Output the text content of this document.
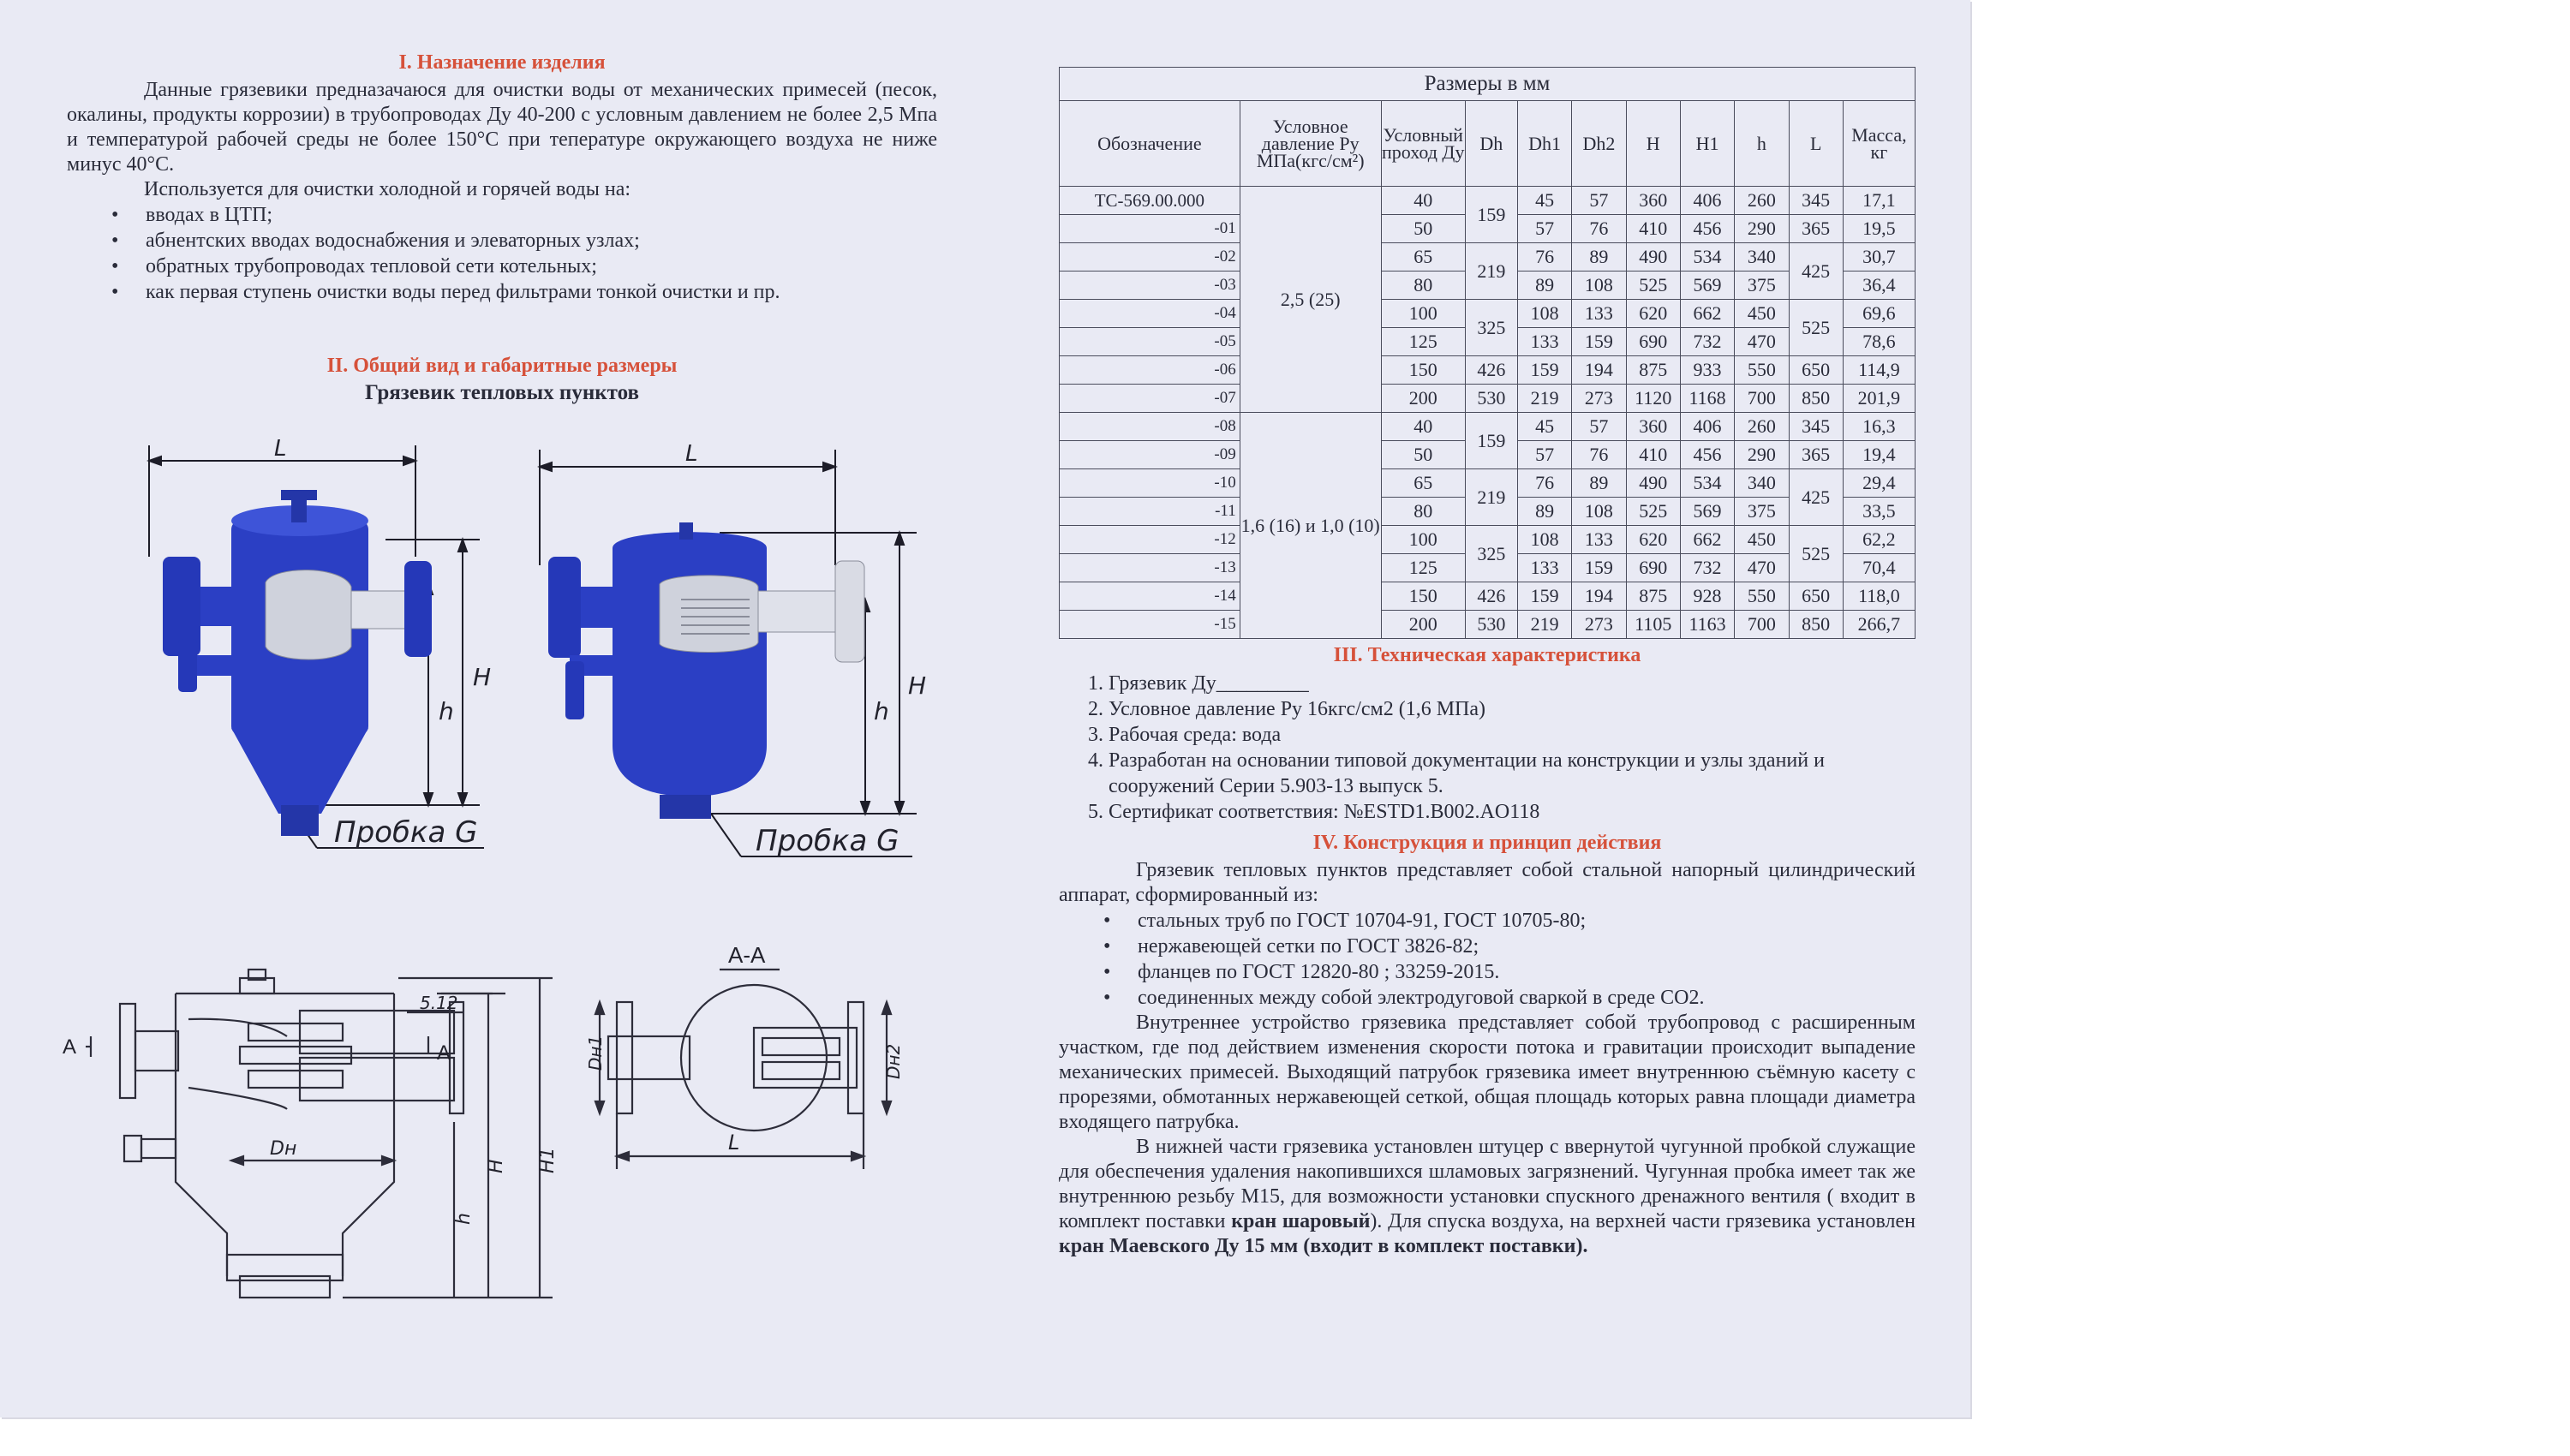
I. Назначение изделия

Данные грязевики предназачаюся для очистки воды от механических примесей (песок, окалины, продукты коррозии) в трубопроводах Ду 40-200 с условным давлением не более 2,5 Мпа и температурой рабочей среды не более 150°С при тепературе окружающего воздуха не ниже минус 40°С.

Используется для очистки холодной и горячей воды на:

• вводах в ЦТП;
• абнентских вводах водоснабжения и элеваторных узлах;
• обратных трубопроводах тепловой сети котельных;
• как первая ступень очистки воды перед фильтрами тонкой очистки и пр.
II. Общий вид и габаритные размеры
Грязевик тепловых пунктов
L
H
h
Пробка G
L
H
h
Пробка G
А
Dн
H H1
h
5.12
А
А-А
Dн1	Dн2
L
Размеры в мм										
Обозначение	Условное давление Ру МПа(кгс/см²)	Условный проход Ду	Dh	Dh1	Dh2	H	H1	h	L	Масса, кг
ТС-569.00.000	2,5 (25)	40	159	45	57	360	406	260	345	17,1
-01		50		57	76	410	456	290	365	19,5
-02		65	219	76	89	490	534	340	425	30,7
-03		80		89	108	525	569	375		36,4
-04		100	325	108	133	620	662	450	525	69,6
-05		125		133	159	690	732	470		78,6
-06		150	426	159	194	875	933	550	650	114,9
-07		200	530	219	273	1120	1168	700	850	201,9
-08	1,6 (16) и 1,0 (10)	40	159	45	57	360	406	260	345	16,3
-09		50		57	76	410	456	290	365	19,4
-10		65	219	76	89	490	534	340	425	29,4
-11		80		89	108	525	569	375		33,5
-12		100	325	108	133	620	662	450	525	62,2
-13		125		133	159	690	732	470		70,4
-14		150	426	159	194	875	928	550	650	118,0
-15		200	530	219	273	1105	1163	700	850	266,7
III. Техническая характеристика
1. Грязевик Ду_________
2. Условное давление Ру 16кгс/см2 (1,6 МПа)
3. Рабочая среда: вода
4. Разработан на основании типовой документации на конструкции и узлы зданий и сооружений Серии 5.903-13 выпуск 5.
5. Сертификат соответствия: №ESTD1.B002.AO118
IV. Конструкция и принцип действия

Грязевик тепловых пунктов представляет собой стальной напорный цилиндрический аппарат, сформированный из:

• стальных труб по ГОСТ 10704-91, ГОСТ 10705-80;
• нержавеющей сетки по ГОСТ 3826-82;
• фланцев по ГОСТ 12820-80 ; 33259-2015.
• соединенных между собой электродуговой сваркой в среде СО2.

Внутреннее устройство грязевика представляет собой трубопровод с расширенным участком, где под действием изменения скорости потока и гравитации происходит выпадение механических примесей. Выходящий патрубок грязевика имеет внутреннюю съёмную касету с прорезями, обмотанных нержавеющей сеткой, общая площадь которых равна площади диаметра входящего патрубка.

В нижней части грязевика установлен штуцер с ввернутой чугунной пробкой служащие для обеспечения удаления накопившихся шламовых загрязнений. Чугунная пробка имеет так же внутреннюю резьбу М15, для возможности установки спускного дренажного вентиля ( входит в комплект поставки кран шаровый). Для спуска воздуха, на верхней части грязевика установлен кран Маевского Ду 15 мм (входит в комплект поставки).
